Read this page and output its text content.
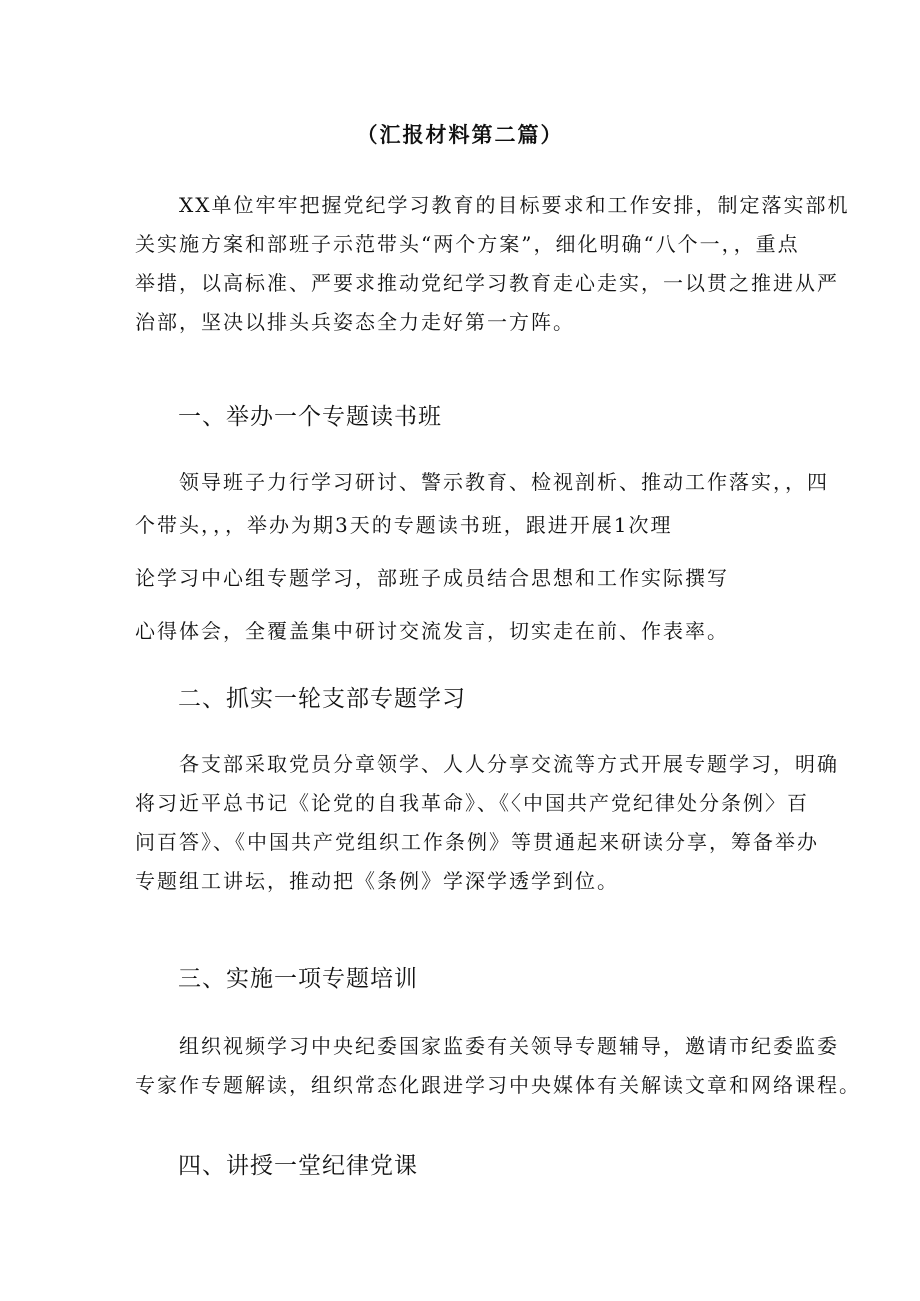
（汇报材料第二篇）
XX单位牢牢把握党纪学习教育的目标要求和工作安排，制定落实部机
关实施方案和部班子示范带头“两个方案”，细化明确“八个一，，重点
举措，以高标准、严要求推动党纪学习教育走心走实，一以贯之推进从严
治部，坚决以排头兵姿态全力走好第一方阵。
一、举办一个专题读书班
领导班子力行学习研讨、警示教育、检视剖析、推动工作落实，，四
个带头，，，举办为期3天的专题读书班，跟进开展1次理
论学习中心组专题学习，部班子成员结合思想和工作实际撰写
心得体会，全覆盖集中研讨交流发言，切实走在前、作表率。
二、抓实一轮支部专题学习
各支部采取党员分章领学、人人分享交流等方式开展专题学习，明确
将习近平总书记《论党的自我革命》、《〈中国共产党纪律处分条例〉百
问百答》、《中国共产党组织工作条例》等贯通起来研读分享，筹备举办
专题组工讲坛，推动把《条例》学深学透学到位。
三、实施一项专题培训
组织视频学习中央纪委国家监委有关领导专题辅导，邀请市纪委监委
专家作专题解读，组织常态化跟进学习中央媒体有关解读文章和网络课程。
四、讲授一堂纪律党课
